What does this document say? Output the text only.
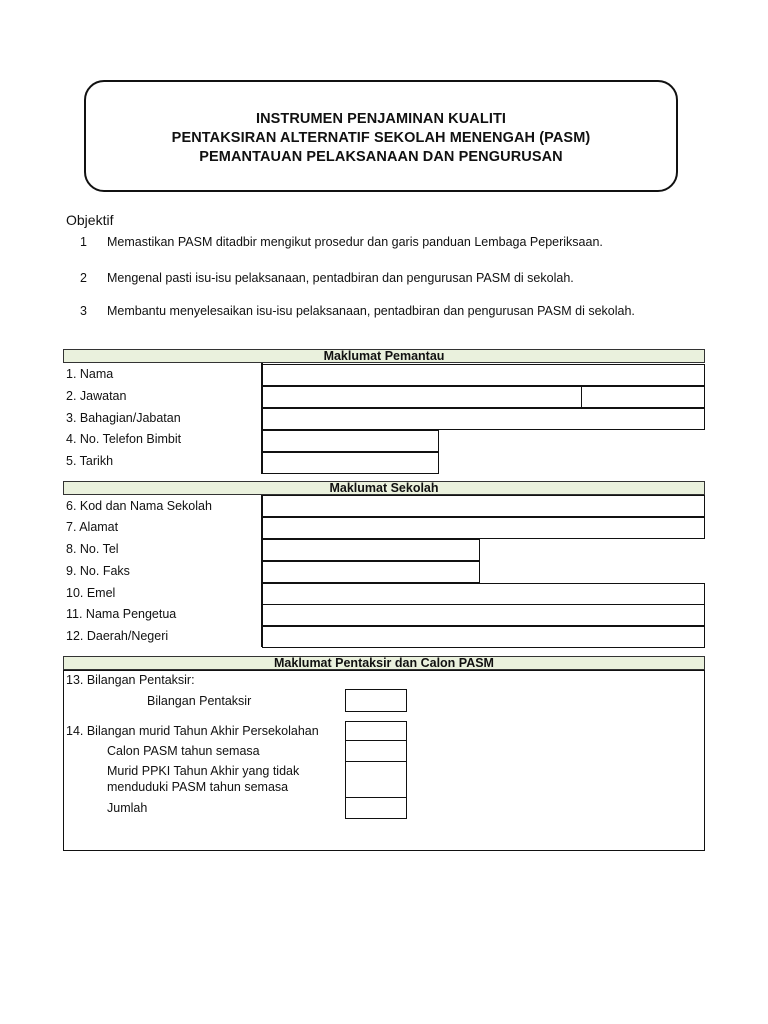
INSTRUMEN PENJAMINAN KUALITI
PENTAKSIRAN ALTERNATIF SEKOLAH MENENGAH (PASM)
PEMANTAUAN PELAKSANAAN DAN PENGURUSAN
Objektif
1 Memastikan PASM ditadbir mengikut prosedur dan garis panduan Lembaga Peperiksaan.
2 Mengenal pasti isu-isu pelaksanaan, pentadbiran dan pengurusan PASM di sekolah.
3 Membantu menyelesaikan isu-isu pelaksanaan, pentadbiran dan pengurusan PASM di sekolah.
Maklumat Pemantau
1. Nama
2. Jawatan
3. Bahagian/Jabatan
4. No. Telefon Bimbit
5. Tarikh
Maklumat Sekolah
6. Kod dan Nama Sekolah
7. Alamat
8. No. Tel
9. No. Faks
10. Emel
11. Nama Pengetua
12. Daerah/Negeri
Maklumat Pentaksir dan Calon PASM
13. Bilangan Pentaksir:
Bilangan Pentaksir
14. Bilangan murid Tahun Akhir Persekolahan
Calon PASM tahun semasa
Murid PPKI Tahun Akhir yang tidak
menduduki PASM tahun semasa
Jumlah
